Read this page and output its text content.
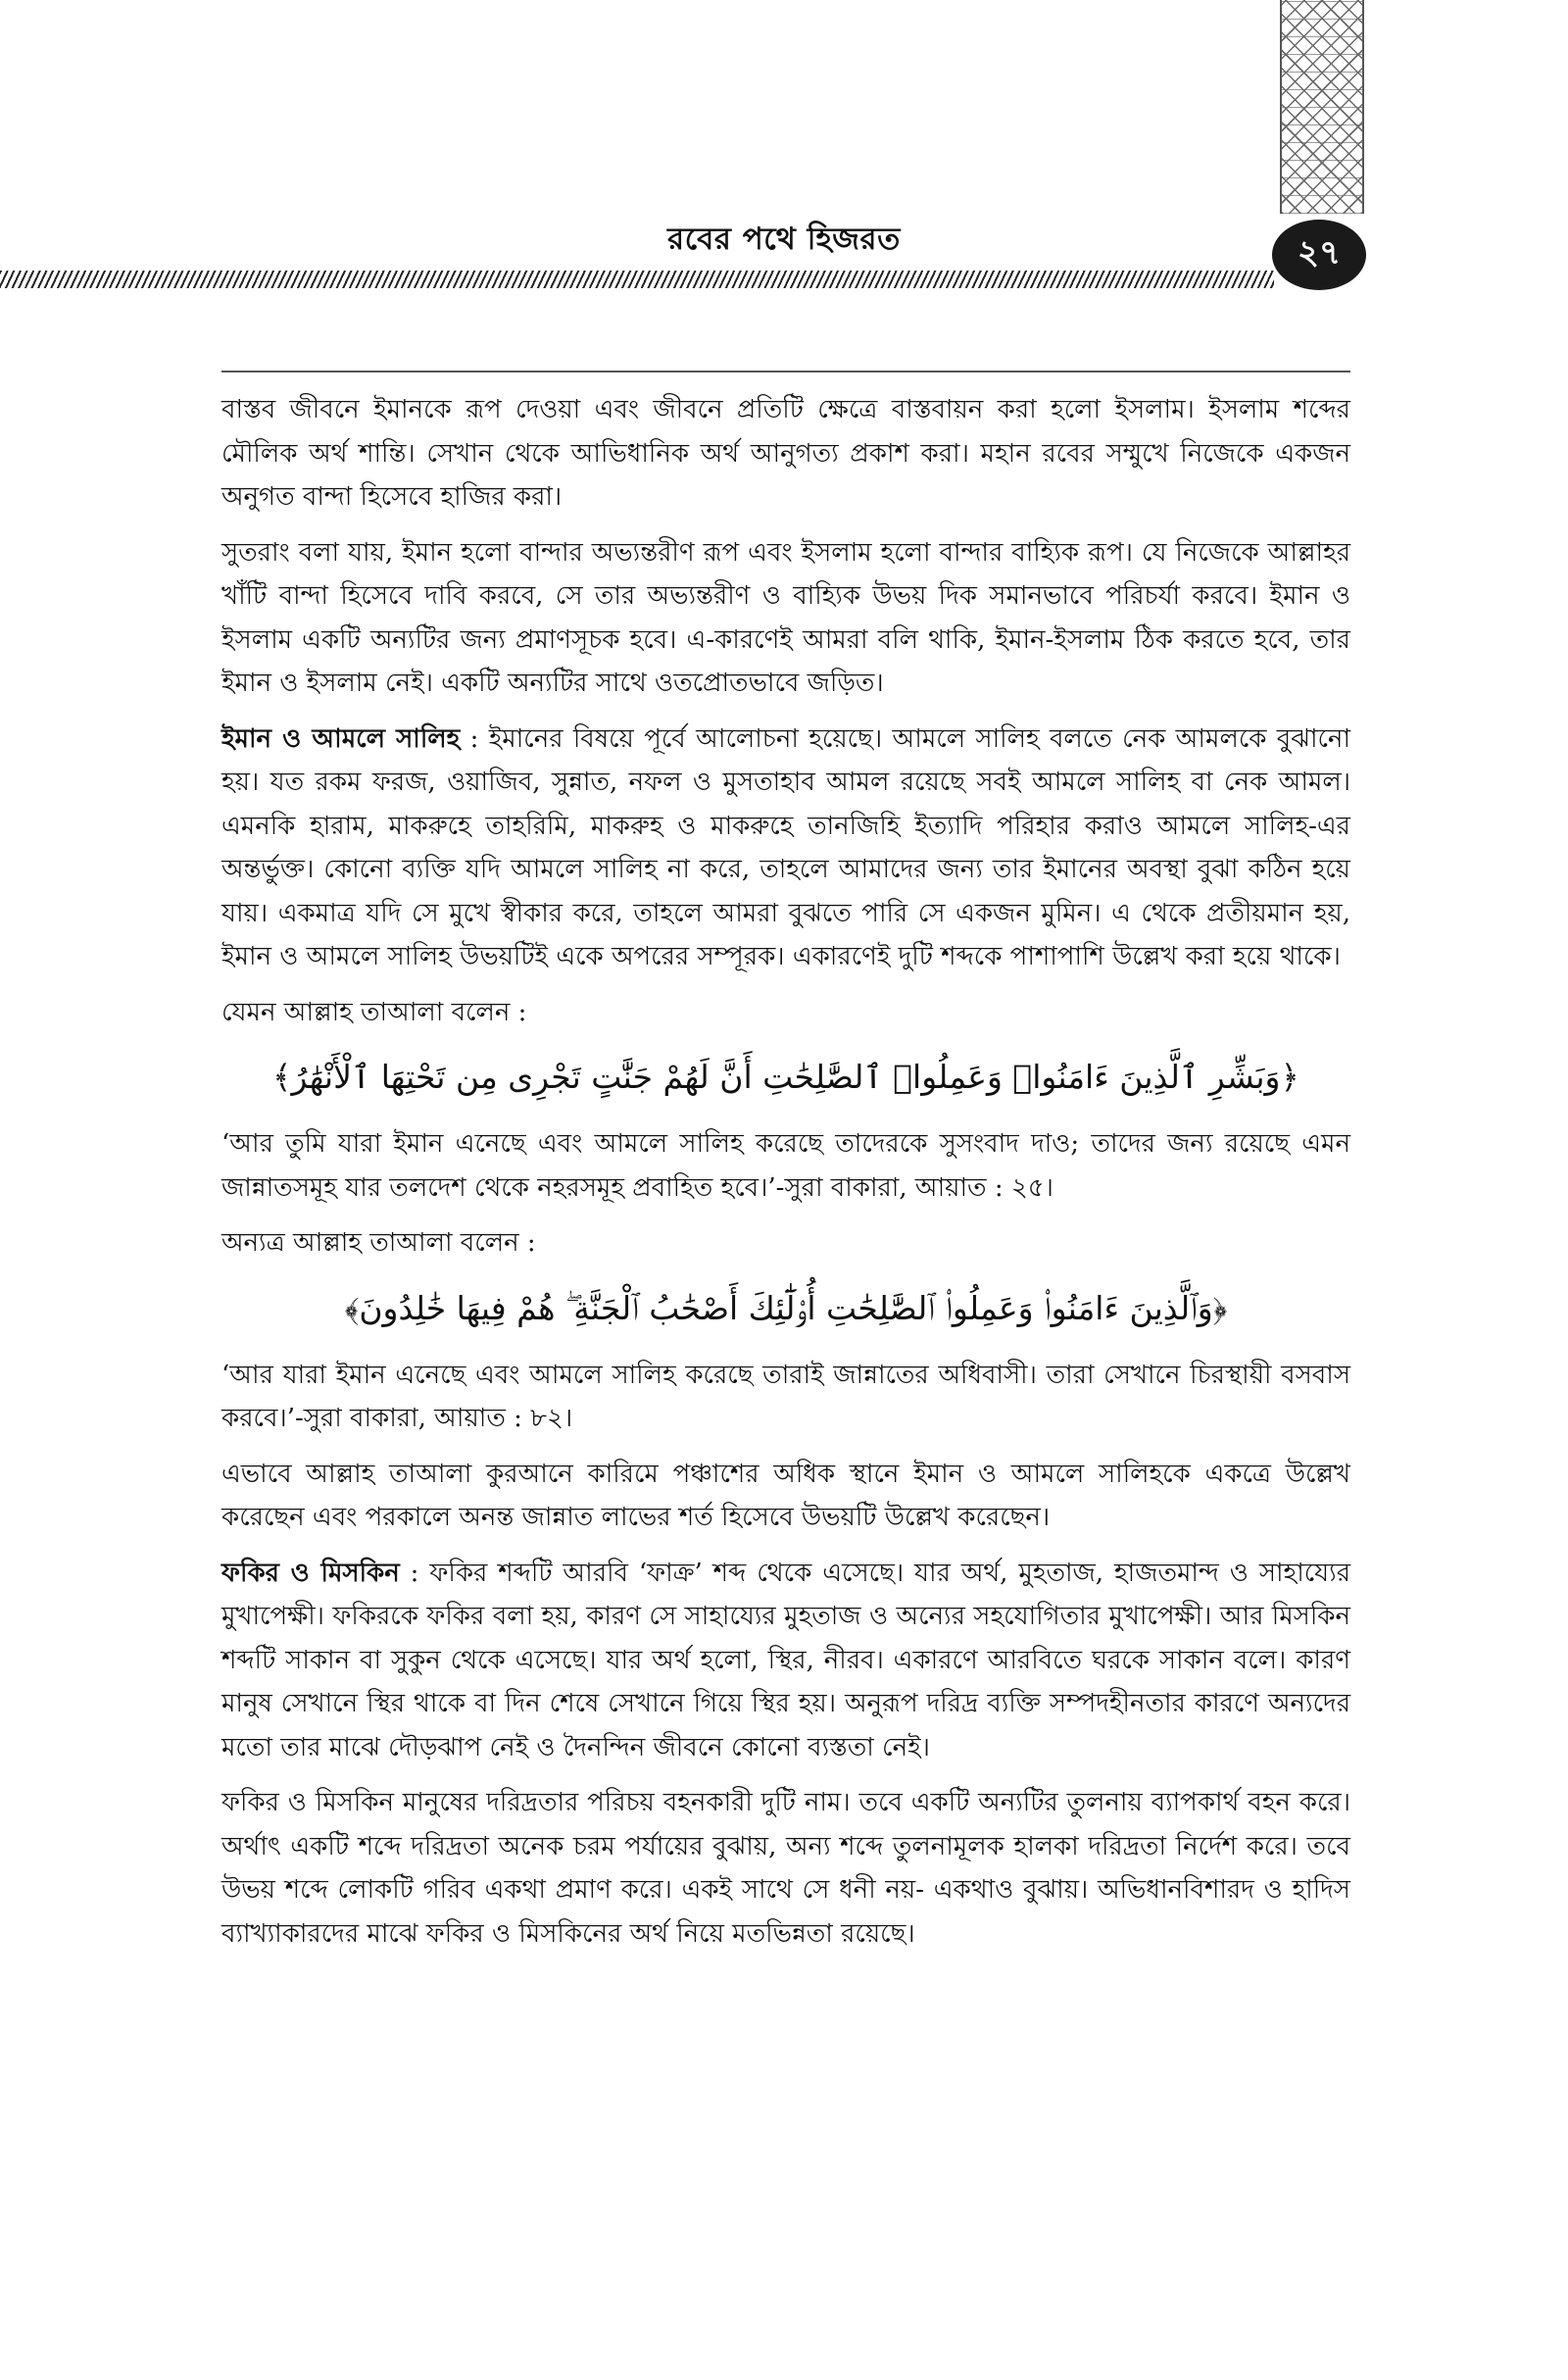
রবের পথে হিজরত	২৭

বাস্তব জীবনে ইমানকে রূপ দেওয়া এবং জীবনে প্রতিটি ক্ষেত্রে বাস্তবায়ন করা হলো ইসলাম। ইসলাম শব্দের মৌলিক অর্থ শান্তি। সেখান থেকে আভিধানিক অর্থ আনুগত্য প্রকাশ করা। মহান রবের সম্মুখে নিজেকে একজন অনুগত বান্দা হিসেবে হাজির করা।

সুতরাং বলা যায়, ইমান হলো বান্দার অভ্যন্তরীণ রূপ এবং ইসলাম হলো বান্দার বাহ্যিক রূপ। যে নিজেকে আল্লাহর খাঁটি বান্দা হিসেবে দাবি করবে, সে তার অভ্যন্তরীণ ও বাহ্যিক উভয় দিক সমানভাবে পরিচর্যা করবে। ইমান ও ইসলাম একটি অন্যটির জন্য প্রমাণসূচক হবে। এ-কারণেই আমরা বলি থাকি, ইমান-ইসলাম ঠিক করতে হবে, তার ইমান ও ইসলাম নেই। একটি অন্যটির সাথে ওতপ্রোতভাবে জড়িত।

ইমান ও আমলে সালিহ : ইমানের বিষয়ে পূর্বে আলোচনা হয়েছে। আমলে সালিহ বলতে নেক আমলকে বুঝানো হয়। যত রকম ফরজ, ওয়াজিব, সুন্নাত, নফল ও মুসতাহাব আমল রয়েছে সবই আমলে সালিহ বা নেক আমল। এমনকি হারাম, মাকরুহে তাহরিমি, মাকরুহ ও মাকরুহে তানজিহি ইত্যাদি পরিহার করাও আমলে সালিহ-এর অন্তর্ভুক্ত। কোনো ব্যক্তি যদি আমলে সালিহ না করে, তাহলে আমাদের জন্য তার ইমানের অবস্থা বুঝা কঠিন হয়ে যায়। একমাত্র যদি সে মুখে স্বীকার করে, তাহলে আমরা বুঝতে পারি সে একজন মুমিন। এ থেকে প্রতীয়মান হয়, ইমান ও আমলে সালিহ উভয়টিই একে অপরের সম্পূরক। একারণেই দুটি শব্দকে পাশাপাশি উল্লেখ করা হয়ে থাকে।

যেমন আল্লাহ তাআলা বলেন :

﴿وَبَشِّرِ ٱلَّذِينَ ءَامَنُوا۟ وَعَمِلُوا۟ ٱلصَّٰلِحَٰتِ أَنَّ لَهُمْ جَنَّٰتٍ تَجْرِى مِن تَحْتِهَا ٱلْأَنْهَٰرُ﴾

‘আর তুমি যারা ইমান এনেছে এবং আমলে সালিহ করেছে তাদেরকে সুসংবাদ দাও; তাদের জন্য রয়েছে এমন জান্নাতসমূহ যার তলদেশ থেকে নহরসমূহ প্রবাহিত হবে।’-সুরা বাকারা, আয়াত : ২৫।

অন্যত্র আল্লাহ তাআলা বলেন :

﴿وَٱلَّذِينَ ءَامَنُوا۟ وَعَمِلُوا۟ ٱلصَّٰلِحَٰتِ أُو۟لَٰٓئِكَ أَصْحَٰبُ ٱلْجَنَّةِ ۖ هُمْ فِيهَا خَٰلِدُونَ﴾

‘আর যারা ইমান এনেছে এবং আমলে সালিহ করেছে তারাই জান্নাতের অধিবাসী। তারা সেখানে চিরস্থায়ী বসবাস করবে।’-সুরা বাকারা, আয়াত : ৮২।

এভাবে আল্লাহ তাআলা কুরআনে কারিমে পঞ্চাশের অধিক স্থানে ইমান ও আমলে সালিহকে একত্রে উল্লেখ করেছেন এবং পরকালে অনন্ত জান্নাত লাভের শর্ত হিসেবে উভয়টি উল্লেখ করেছেন।

ফকির ও মিসকিন : ফকির শব্দটি আরবি ‘ফাক্র’ শব্দ থেকে এসেছে। যার অর্থ, মুহতাজ, হাজতমান্দ ও সাহায্যের মুখাপেক্ষী। ফকিরকে ফকির বলা হয়, কারণ সে সাহায্যের মুহতাজ ও অন্যের সহযোগিতার মুখাপেক্ষী। আর মিসকিন শব্দটি সাকান বা সুকুন থেকে এসেছে। যার অর্থ হলো, স্থির, নীরব। একারণে আরবিতে ঘরকে সাকান বলে। কারণ মানুষ সেখানে স্থির থাকে বা দিন শেষে সেখানে গিয়ে স্থির হয়। অনুরূপ দরিদ্র ব্যক্তি সম্পদহীনতার কারণে অন্যদের মতো তার মাঝে দৌড়ঝাপ নেই ও দৈনন্দিন জীবনে কোনো ব্যস্ততা নেই।

ফকির ও মিসকিন মানুষের দরিদ্রতার পরিচয় বহনকারী দুটি নাম। তবে একটি অন্যটির তুলনায় ব্যাপকার্থ বহন করে। অর্থাৎ একটি শব্দে দরিদ্রতা অনেক চরম পর্যায়ের বুঝায়, অন্য শব্দে তুলনামূলক হালকা দরিদ্রতা নির্দেশ করে। তবে উভয় শব্দে লোকটি গরিব একথা প্রমাণ করে। একই সাথে সে ধনী নয়- একথাও বুঝায়। অভিধানবিশারদ ও হাদিস ব্যাখ্যাকারদের মাঝে ফকির ও মিসকিনের অর্থ নিয়ে মতভিন্নতা রয়েছে।
